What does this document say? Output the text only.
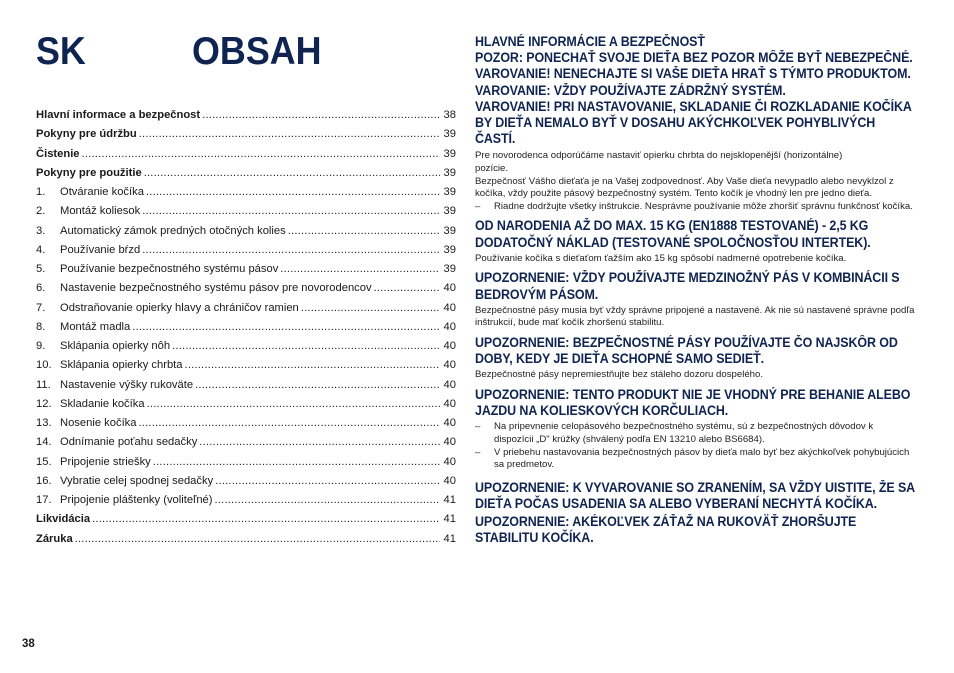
SK	OBSAH
Hlavní informace a bezpečnost .....	38
Pokyny pre údržbu .....	39
Čistenie .....	39
Pokyny pre použitie .....	39
1.	Otváranie kočíka .....	39
2.	Montáž koliesok .....	39
3.	Automatický zámok predných otočných kolies .....	39
4.	Používanie bŕzd .....	39
5.	Používanie bezpečnostného systému pásov .....	39
6.	Nastavenie bezpečnostného systému pásov pre novorodencov .....	40
7.	Odstraňovanie opierky hlavy a chráničov ramien .....	40
8.	Montáž madla .....	40
9.	Sklápania opierky nôh .....	40
10. Sklápania opierky chrbta .....	40
11. Nastavenie výšky rukoväte .....	40
12. Skladanie kočíka .....	40
13. Nosenie kočíka .....	40
14. Odnímanie poťahu sedačky .....	40
15. Pripojenie striešky .....	40
16. Vybratie celej spodnej sedačky .....	40
17. Pripojenie pláštenky (voliteľné) .....	41
Likvidácia .....	41
Záruka .....	41

38

HLAVNÉ INFORMÁCIE A BEZPEČNOSŤ
POZOR: PONECHAŤ SVOJE DIEŤA BEZ POZOR MÔŽE BYŤ NEBEZPEČNÉ.
VAROVANIE! NENECHAJTE SI VAŠE DIEŤA HRAŤ S TÝMTO PRODUKTOM.
VAROVANIE: VŽDY POUŽÍVAJTE ZÁDRŽNÝ SYSTÉM.
VAROVANIE! PRI NASTAVOVANIE, SKLADANIE ČI ROZKLADANIE KOČÍKA BY DIEŤA NEMALO BYŤ V DOSAHU AKÝCHKOĽVEK POHYBLIVÝCH ČASTÍ.

Pre novorodenca odporúčáme nastaviť opierku chrbta do nejsklopenější (horizontálne)

pozície.

Bezpečnosť Vášho dieťaťa je na Vašej zodpovednosť. Aby Vaše dieťa nevypadlo alebo nevyklzol z kočíka, vždy použite pásový bezpečnostný systém. Tento kočík je vhodný len pre jedno dieťa.

–	Riadne dodržujte všetky inštrukcie. Nesprávne používanie môže zhoršiť správnu funkčnosť kočíka.
OD NARODENIA AŽ DO MAX. 15 KG (EN1888 TESTOVANÉ) - 2,5 KG DODATOČNÝ NÁKLAD (TESTOVANÉ SPOLOČNOSŤOU INTERTEK).

Používanie kočíka s dieťaťom ťažším ako 15 kg spôsobí nadmerné opotrebenie kočíka.

UPOZORNENIE: VŽDY POUŽÍVAJTE MEDZINOŽNÝ PÁS V KOMBINÁCII S BEDROVÝM PÁSOM.

Bezpečnostné pásy musia byť vždy správne pripojené a nastavené. Ak nie sú nastavené správne podľa inštrukcií, bude mať kočík zhoršenú stabilitu.

UPOZORNENIE: BEZPEČNOSTNÉ PÁSY POUŽÍVAJTE ČO NAJSKÔR OD DOBY, KEDY JE DIEŤA SCHOPNÉ SAMO SEDIEŤ.

Bezpečnostné pásy nepremiestňujte bez stáleho dozoru dospelého.

UPOZORNENIE: TENTO PRODUKT NIE JE VHODNÝ PRE BEHANIE ALEBO JAZDU NA KOLIESKOVÝCH KORČULIACH.
–	Na pripevnenie celopásového bezpečnostného systému, sú z bezpečnostných dôvodov k dispozícii „D" krúžky (shválený podľa EN 13210 alebo BS6684).
–	V priebehu nastavovania bezpečnostných pásov by dieťa malo byť bez akýchkoľvek pohybujúcich sa predmetov.
UPOZORNENIE: K VYVAROVANIE SO ZRANENÍM, SA VŽDY UISTITE, ŽE SA DIEŤA POČAS USADENIA SA ALEBO VYBERANÍ NECHYTÁ KOČÍKA.
UPOZORNENIE: AKÉKOĽVEK ZÁŤAŽ NA RUKOVÄŤ ZHORŠUJTE STABILITU KOČÍKA.
